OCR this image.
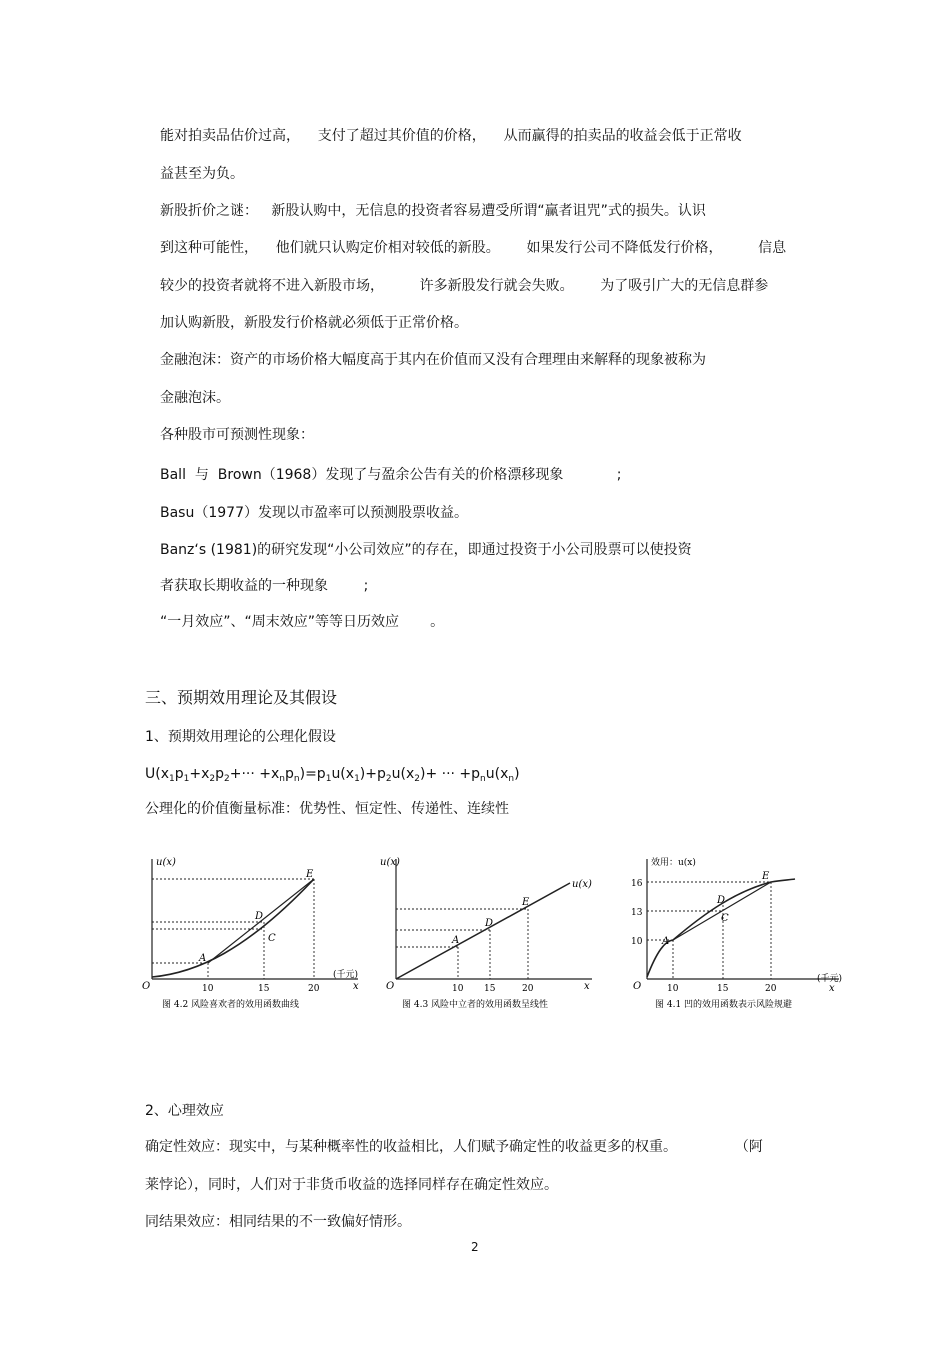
能对拍卖品估价过高，    支付了超过其价值的价格，    从而赢得的拍卖品的收益会低于正常收
益甚至为负。
新股折价之谜：   新股认购中，无信息的投资者容易遭受所谓“赢者诅咒”式的损失。认识
到这种可能性，    他们就只认购定价相对较低的新股。      如果发行公司不降低发行价格，        信息
较少的投资者就将不进入新股市场，        许多新股发行就会失败。      为了吸引广大的无信息群参
加认购新股，新股发行价格就必须低于正常价格。
金融泡沫：资产的市场价格大幅度高于其内在价值而又没有合理理由来解释的现象被称为
金融泡沫。
各种股市可预测性现象：
Ball  与  Brown（1968）发现了与盈余公告有关的价格漂移现象            ;
Basu（1977）发现以市盈率可以预测股票收益。
Banz‘s (1981)的研究发现“小公司效应”的存在，即通过投资于小公司股票可以使投资
者获取长期收益的一种现象        ;
“一月效应”、“周末效应”等等日历效应       。
三、预期效用理论及其假设
1、预期效用理论的公理化假设
$U(x_1p_1+x_2p_2+\cdot\cdot\cdot +x_np_n)=p_1u(x_1)+p_2u(x_2)+$ ··· $+p_nu(x_n)$
公理化的价值衡量标准：优势性、恒定性、传递性、连续性
u(x)
O
(千元)
x
10	15	20
A
C
D
E
图 4.2 风险喜欢者的效用函数曲线
u(x)
u(x)
O	x
10 15	20
A
D
E
图 4.3 风险中立者的效用函数呈线性
效用：u(x)
16
13
10
O
(千元)
x
10	15	20
A
C
D
E
图 4.1 凹的效用函数表示风险规避
2、心理效应
确定性效应：现实中，与某种概率性的收益相比，人们赋予确定性的收益更多的权重。             （阿
莱悖论），同时，人们对于非货币收益的选择同样存在确定性效应。
同结果效应：相同结果的不一致偏好情形。
2
